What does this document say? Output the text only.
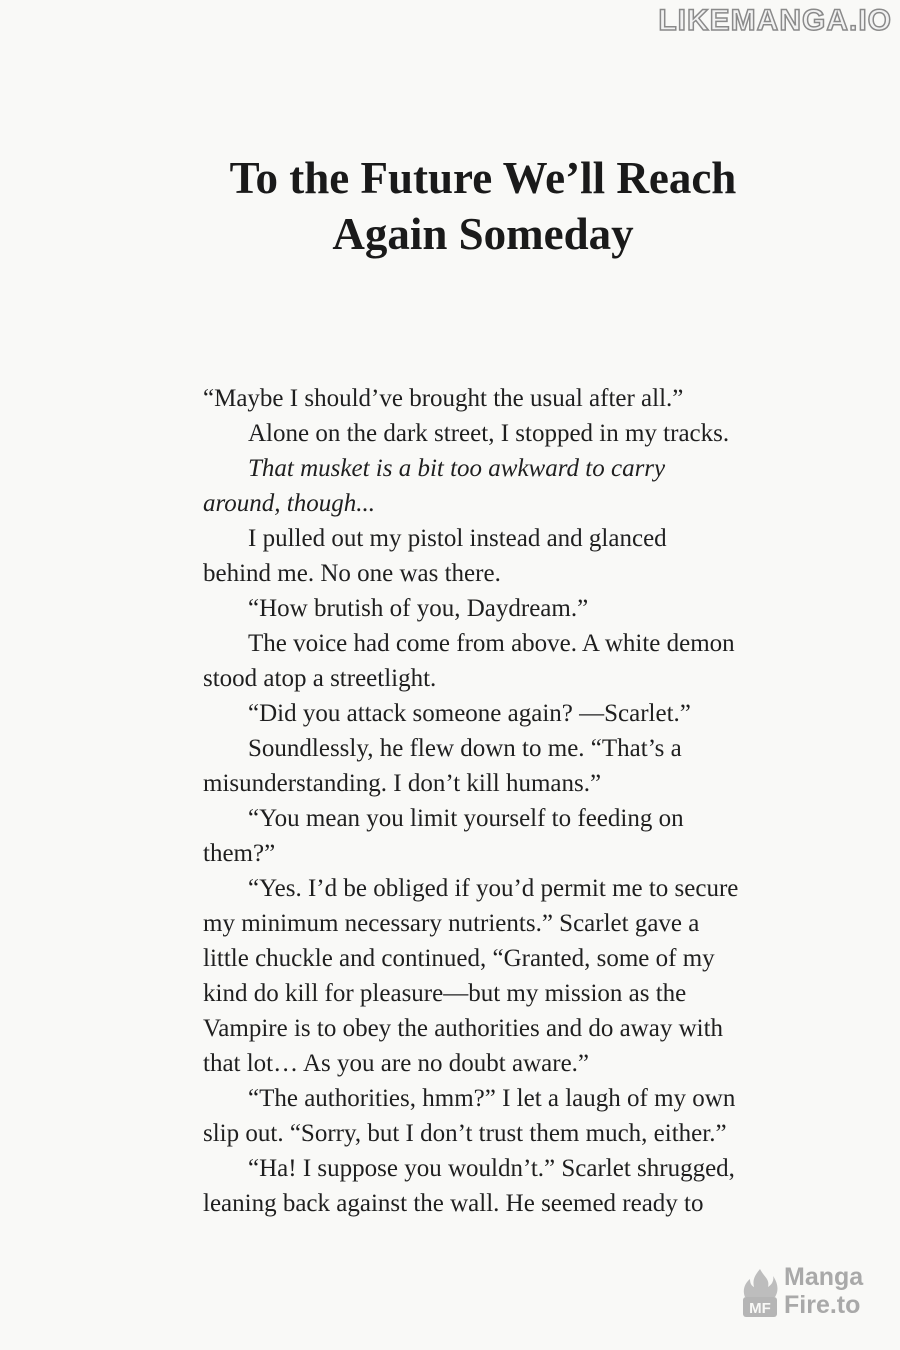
LIKEMANGA.IO
To the Future We’ll Reach
Again Someday

“Maybe I should’ve brought the usual after all.”

Alone on the dark street, I stopped in my tracks.

That musket is a bit too awkward to carry

around, though...

I pulled out my pistol instead and glanced

behind me. No one was there.

“How brutish of you, Daydream.”

The voice had come from above. A white demon

stood atop a streetlight.

“Did you attack someone again? —Scarlet.”

Soundlessly, he flew down to me. “That’s a

misunderstanding. I don’t kill humans.”

“You mean you limit yourself to feeding on

them?”

“Yes. I’d be obliged if you’d permit me to secure

my minimum necessary nutrients.” Scarlet gave a

little chuckle and continued, “Granted, some of my

kind do kill for pleasure—but my mission as the

Vampire is to obey the authorities and do away with

that lot… As you are no doubt aware.”

“The authorities, hmm?” I let a laugh of my own

slip out. “Sorry, but I don’t trust them much, either.”

“Ha! I suppose you wouldn’t.” Scarlet shrugged,

leaning back against the wall. He seemed ready to

MF
Manga
Fire.to
